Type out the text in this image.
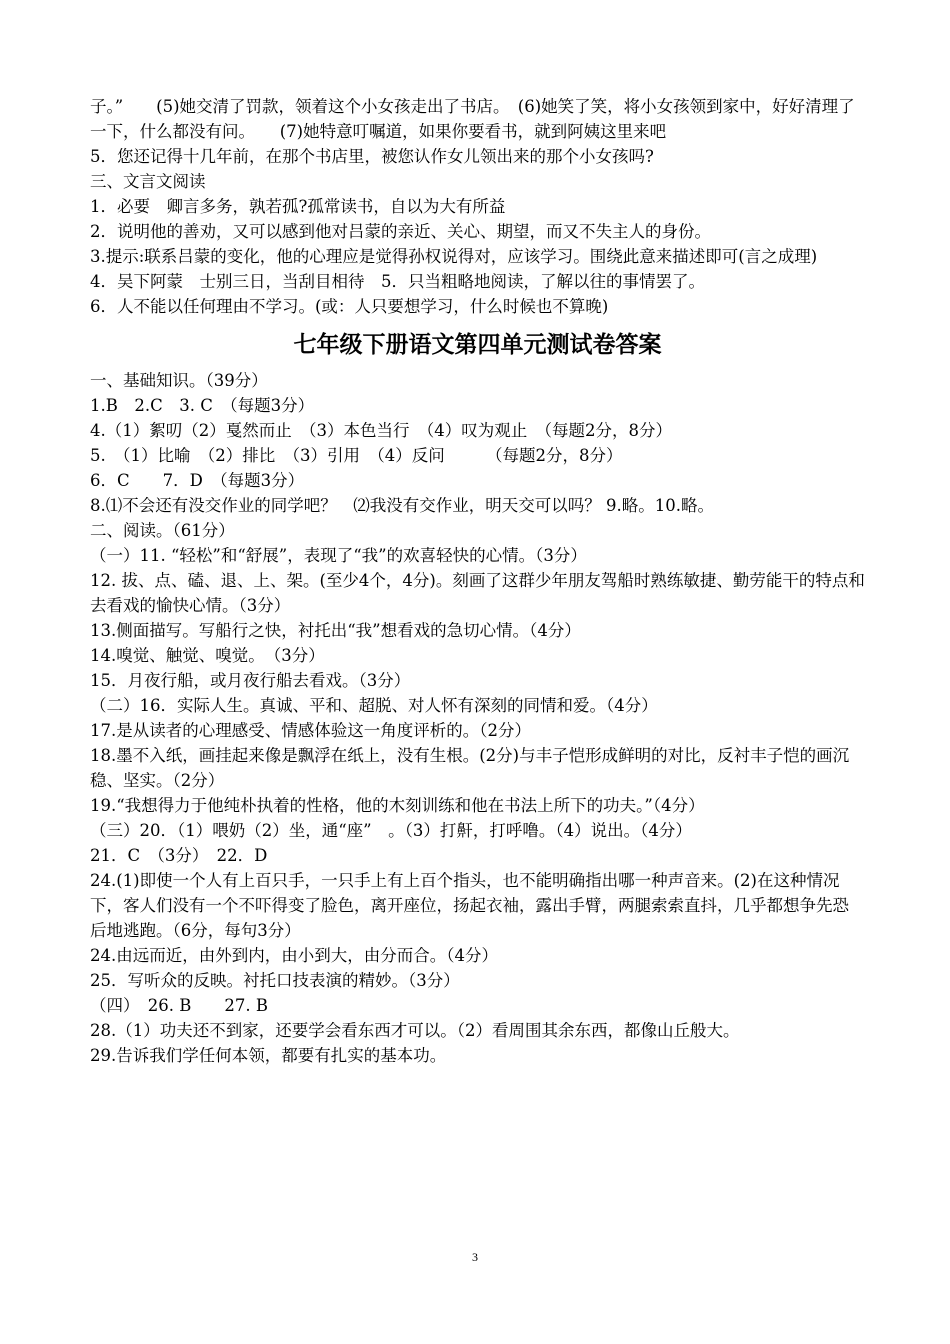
子。”　　(5)她交清了罚款，领着这个小女孩走出了书店。　(6)她笑了笑，将小女孩领到家中，好好清理了一下，什么都没有问。　　(7)她特意叮嘱道，如果你要看书，就到阿姨这里来吧
5．您还记得十几年前，在那个书店里，被您认作女儿领出来的那个小女孩吗?
三、文言文阅读
1．必要　卿言多务，孰若孤?孤常读书，自以为大有所益
2．说明他的善劝，又可以感到他对吕蒙的亲近、关心、期望，而又不失主人的身份。
3.提示:联系吕蒙的变化，他的心理应是觉得孙权说得对，应该学习。围绕此意来描述即可(言之成理)
4．吴下阿蒙　士别三日，当刮目相待　5．只当粗略地阅读，了解以往的事情罢了。
6．人不能以任何理由不学习。(或：人只要想学习，什么时候也不算晚)
七年级下册语文第四单元测试卷答案
一、基础知识。（39分）
1.B　2.C　3. C　（每题3分）
4.（1）絮叨（2）戛然而止　（3）本色当行　（4）叹为观止　（每题2分，8分）
5.　（1）比喻　（2）排比　（3）引用　（4）反问　　　（每题2分，8分）
6．C　　7．D　（每题3分）
8.⑴不会还有没交作业的同学吧？　⑵我没有交作业，明天交可以吗？ 9.略。10.略。
二、阅读。（61分）
（一）11. “轻松”和“舒展”，表现了“我”的欢喜轻快的心情。（3分）
12. 拔、点、磕、退、上、架。(至少4个，4分)。刻画了这群少年朋友驾船时熟练敏捷、勤劳能干的特点和去看戏的愉快心情。（3分）
13.侧面描写。写船行之快，衬托出“我”想看戏的急切心情。（4分）
14.嗅觉、触觉、嗅觉。　（3分）
15．月夜行船，或月夜行船去看戏。（3分）
（二）16．实际人生。真诚、平和、超脱、对人怀有深刻的同情和爱。（4分）
17.是从读者的心理感受、情感体验这一角度评析的。（2分）
18.墨不入纸，画挂起来像是飘浮在纸上，没有生根。(2分)与丰子恺形成鲜明的对比，反衬丰子恺的画沉稳、坚实。（2分）
19.“我想得力于他纯朴执着的性格，他的木刻训练和他在书法上所下的功夫。”（4分）
（三）20．（1）喂奶（2）坐，通“座”　。（3）打鼾，打呼噜。（4）说出。（4分）
21．C　（3分）　22．D
24.(1)即使一个人有上百只手，一只手上有上百个指头，也不能明确指出哪一种声音来。(2)在这种情况下，客人们没有一个不吓得变了脸色，离开座位，扬起衣袖，露出手臂，两腿索索直抖，几乎都想争先恐后地逃跑。（6分，每句3分）
24.由远而近，由外到内，由小到大，由分而合。（4分）
25．写听众的反映。衬托口技表演的精妙。（3分）
（四）　26. B　　27. B
28.（1）功夫还不到家，还要学会看东西才可以。（2）看周围其余东西，都像山丘般大。
29.告诉我们学任何本领，都要有扎实的基本功。
3
